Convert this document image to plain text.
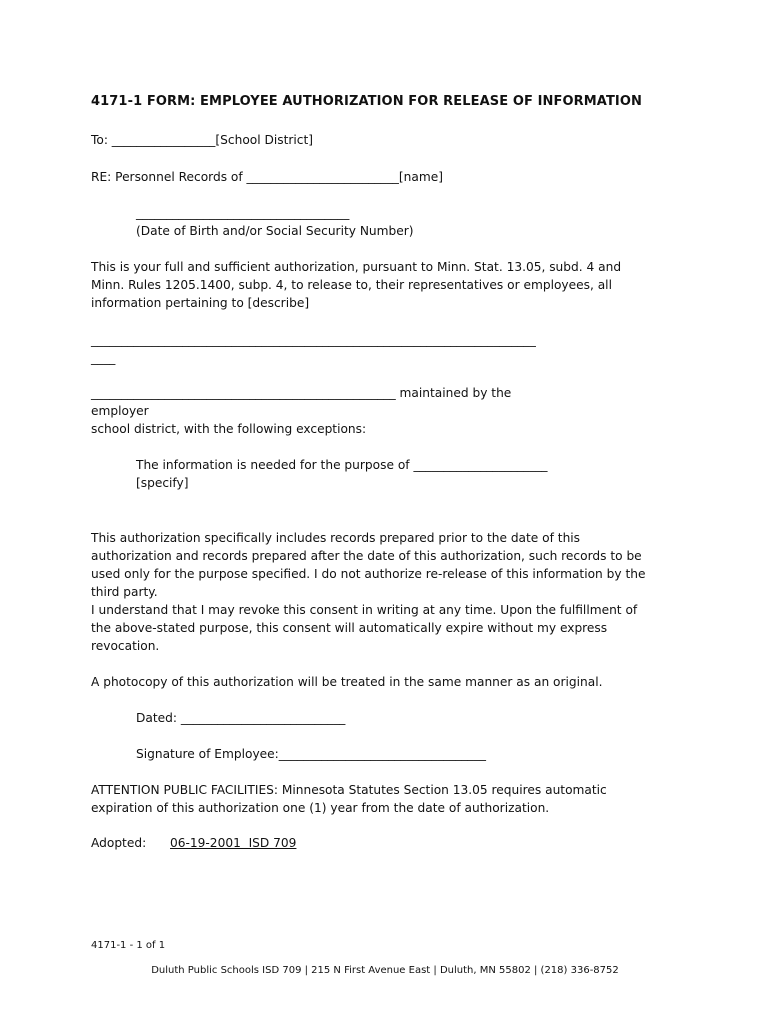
4171-1 FORM: EMPLOYEE AUTHORIZATION FOR RELEASE OF INFORMATION
To: _________________[School District]
RE: Personnel Records of _________________________[name]
___________________________________
(Date of Birth and/or Social Security Number)
This is your full and sufficient authorization, pursuant to Minn. Stat. 13.05, subd. 4 and
Minn. Rules 1205.1400, subp. 4, to release to, their representatives or employees, all
information pertaining to [describe]
_________________________________________________________________________
____
__________________________________________________ maintained by the
employer
school district, with the following exceptions:
The information is needed for the purpose of ______________________
[specify]
This authorization specifically includes records prepared prior to the date of this
authorization and records prepared after the date of this authorization, such records to be
used only for the purpose specified. I do not authorize re-release of this information by the
third party.
I understand that I may revoke this consent in writing at any time. Upon the fulfillment of
the above-stated purpose, this consent will automatically expire without my express
revocation.
A photocopy of this authorization will be treated in the same manner as an original.
Dated: ___________________________
Signature of Employee:__________________________________
ATTENTION PUBLIC FACILITIES: Minnesota Statutes Section 13.05 requires automatic
expiration of this authorization one (1) year from the date of authorization.
Adopted: 06-19-2001  ISD 709
4171-1 - 1 of 1
Duluth Public Schools ISD 709 | 215 N First Avenue East | Duluth, MN 55802 | (218) 336-8752
